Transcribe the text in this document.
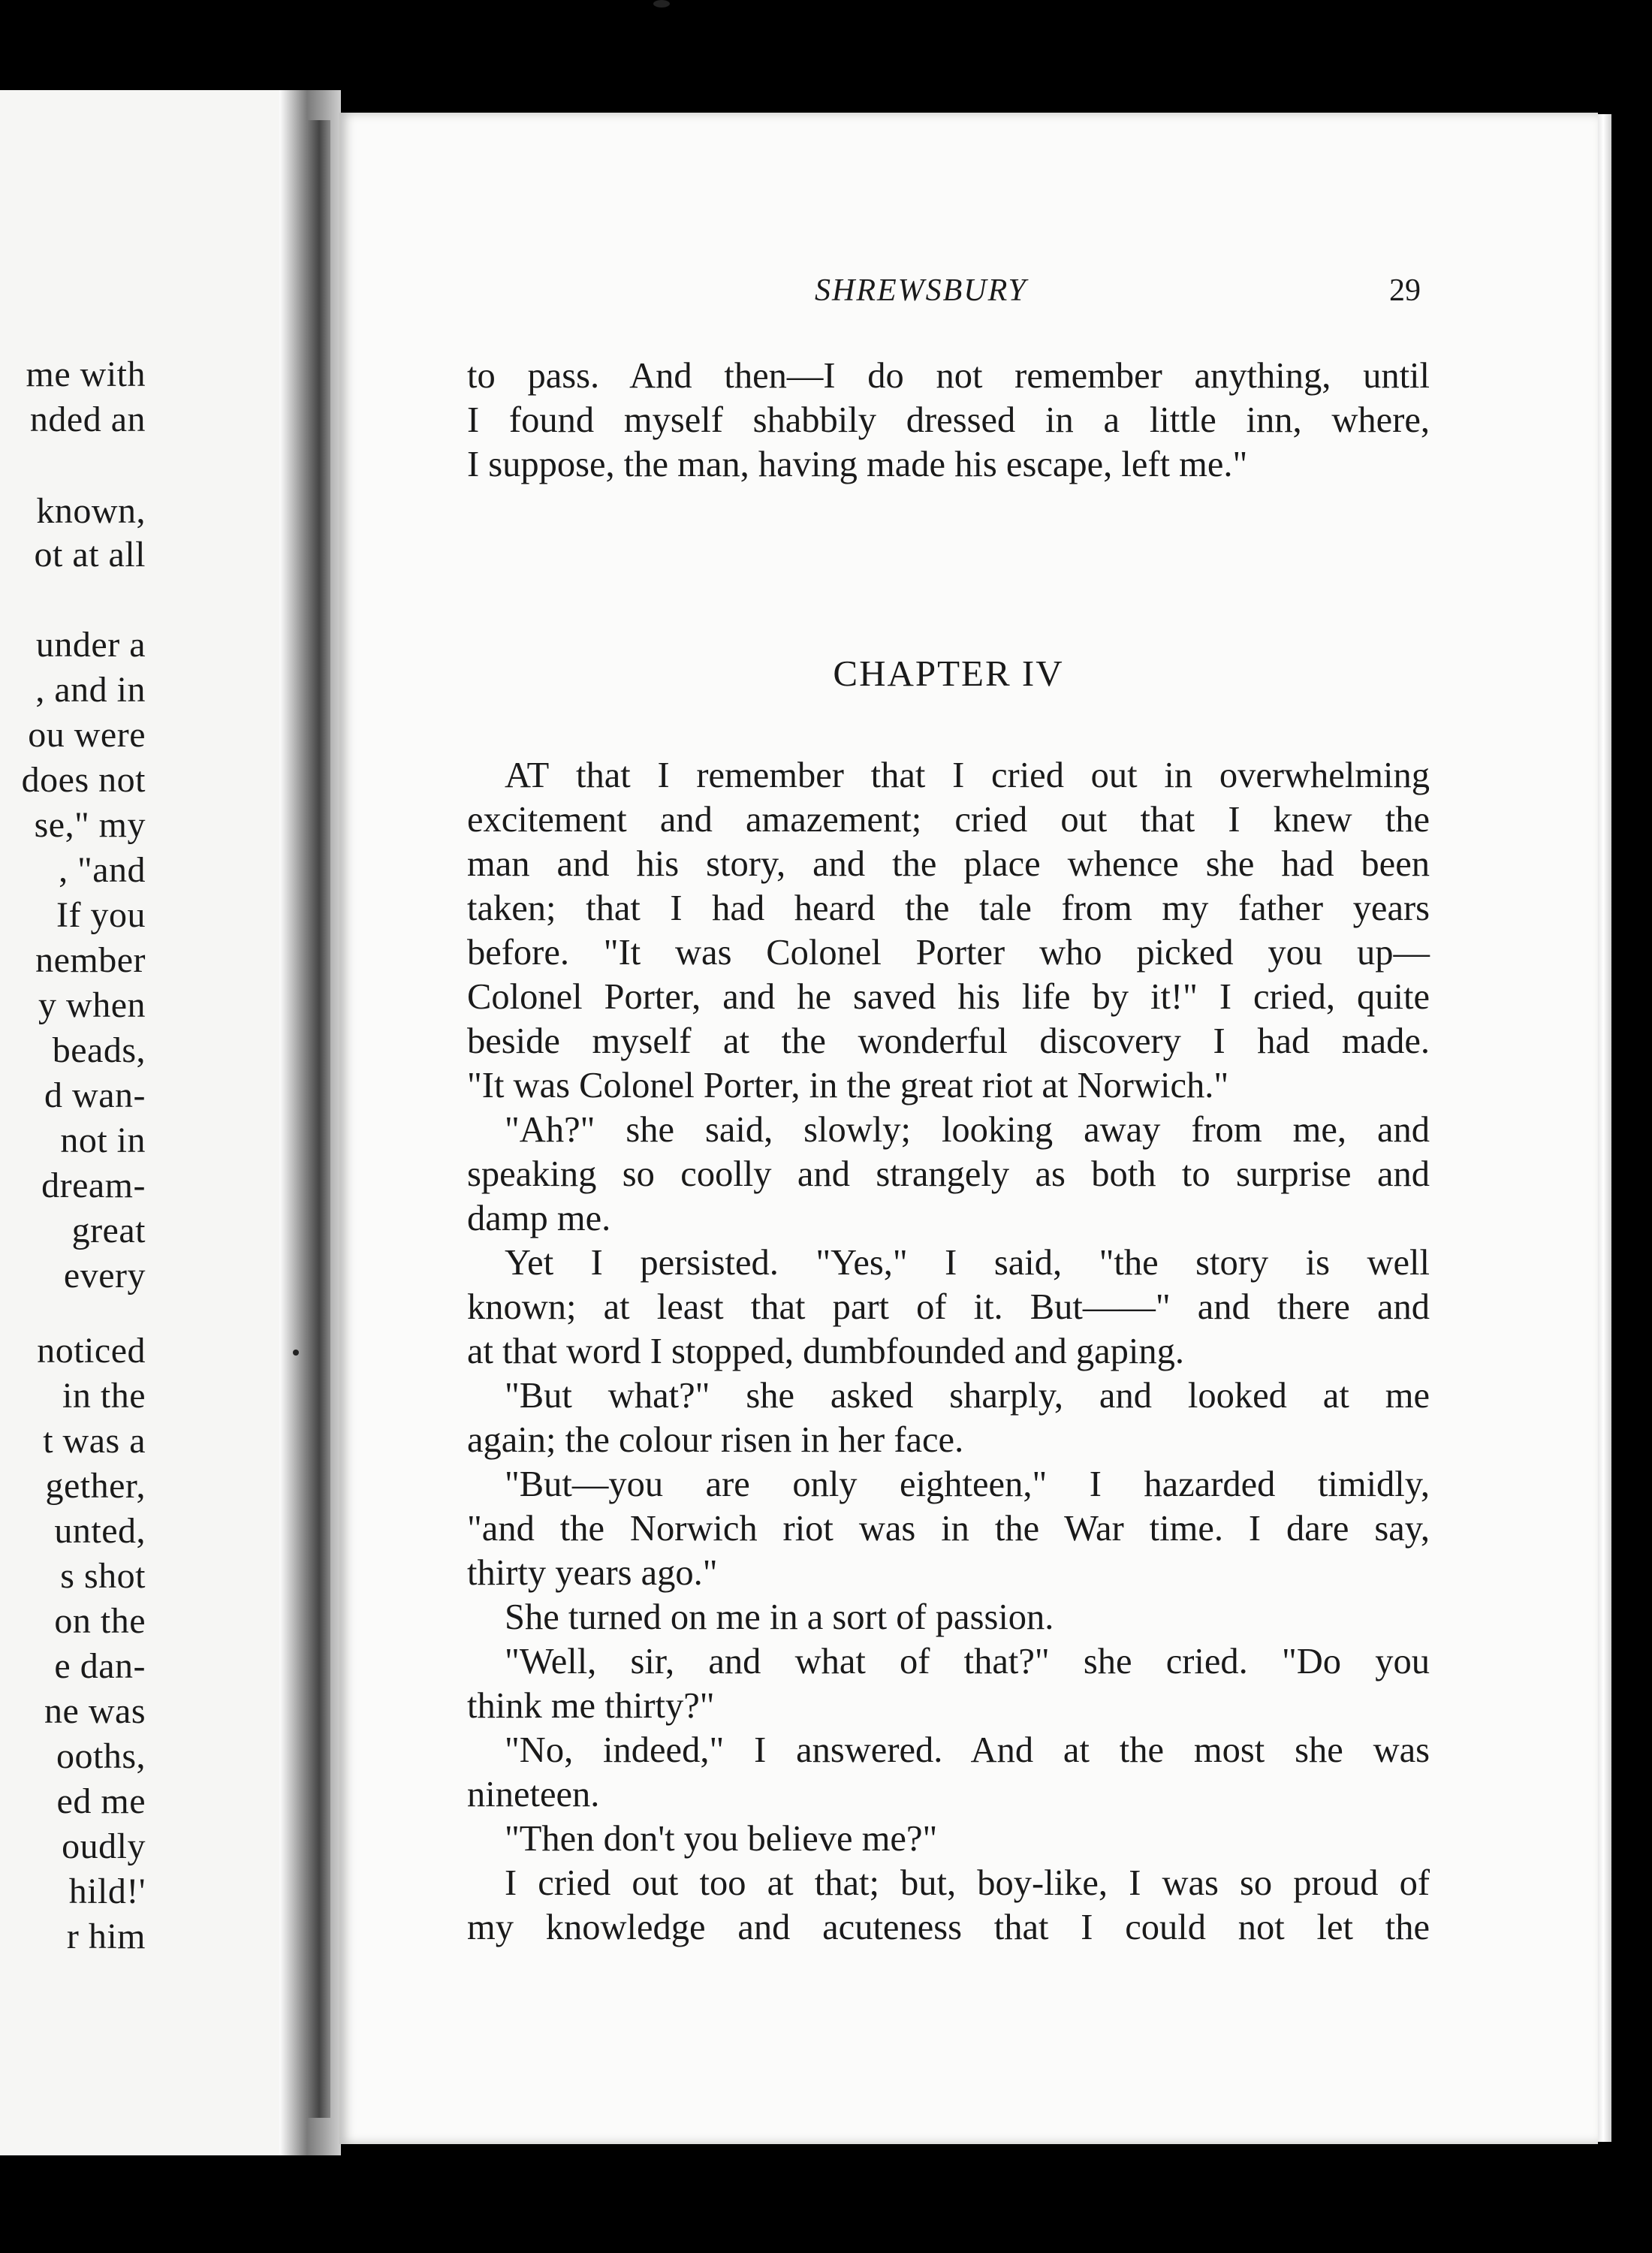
me with
nded an
known,
ot at all
under a
, and in
ou were
does not
se," my
, "and
If you
nember
y when
beads,
d wan-
not in
dream-
great
every
noticed
in the
t was a
gether,
unted,
s shot
on the
e dan-
ne was
ooths,
ed me
oudly
hild!'
r him
SHREWSBURY	29
to pass. And then—I do not remember anything, until
I found myself shabbily dressed in a little inn, where,
I suppose, the man, having made his escape, left me."
CHAPTER IV
AT that I remember that I cried out in overwhelming
excitement and amazement; cried out that I knew the
man and his story, and the place whence she had been
taken; that I had heard the tale from my father years
before. "It was Colonel Porter who picked you up—
Colonel Porter, and he saved his life by it!" I cried, quite
beside myself at the wonderful discovery I had made.
"It was Colonel Porter, in the great riot at Norwich."
"Ah?" she said, slowly; looking away from me, and
speaking so coolly and strangely as both to surprise and
damp me.
Yet I persisted. "Yes," I said, "the story is well
known; at least that part of it. But——" and there and
at that word I stopped, dumbfounded and gaping.
"But what?" she asked sharply, and looked at me
again; the colour risen in her face.
"But—you are only eighteen," I hazarded timidly,
"and the Norwich riot was in the War time. I dare say,
thirty years ago."
She turned on me in a sort of passion.
"Well, sir, and what of that?" she cried. "Do you
think me thirty?"
"No, indeed," I answered. And at the most she was
nineteen.
"Then don't you believe me?"
I cried out too at that; but, boy-like, I was so proud of
my knowledge and acuteness that I could not let the
